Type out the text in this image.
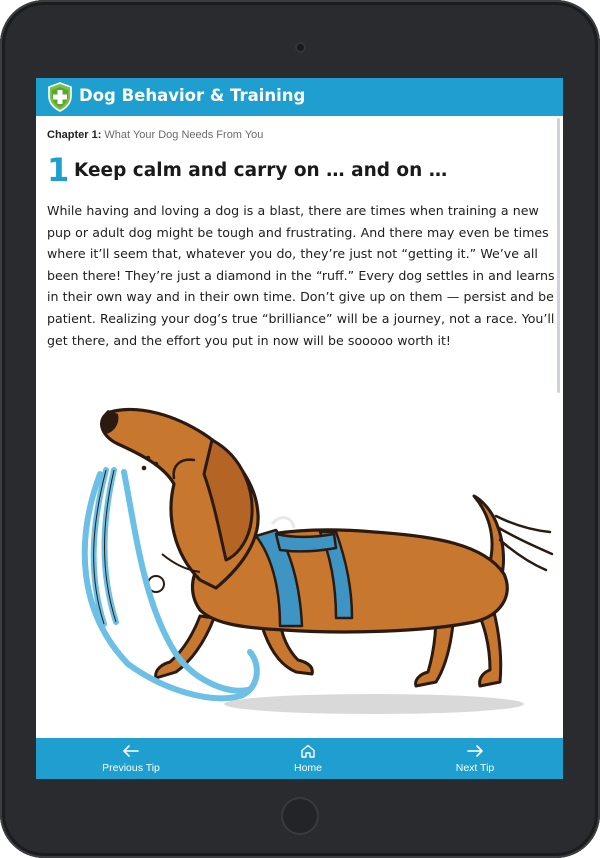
Dog Behavior & Training
Chapter 1: What Your Dog Needs From You
1 Keep calm and carry on … and on …

While having and loving a dog is a blast, there are times when training a new pup or adult dog might be tough and frustrating. And there may even be times where it’ll seem that, whatever you do, they’re just not “getting it.” We’ve all been there! They’re just a diamond in the “ruff.” Every dog settles in and learns in their own way and in their own time. Don’t give up on them — persist and be patient. Realizing your dog’s true “brilliance” will be a journey, not a race. You’ll get there, and the effort you put in now will be sooooo worth it!

Previous Tip	Home	Next Tip
